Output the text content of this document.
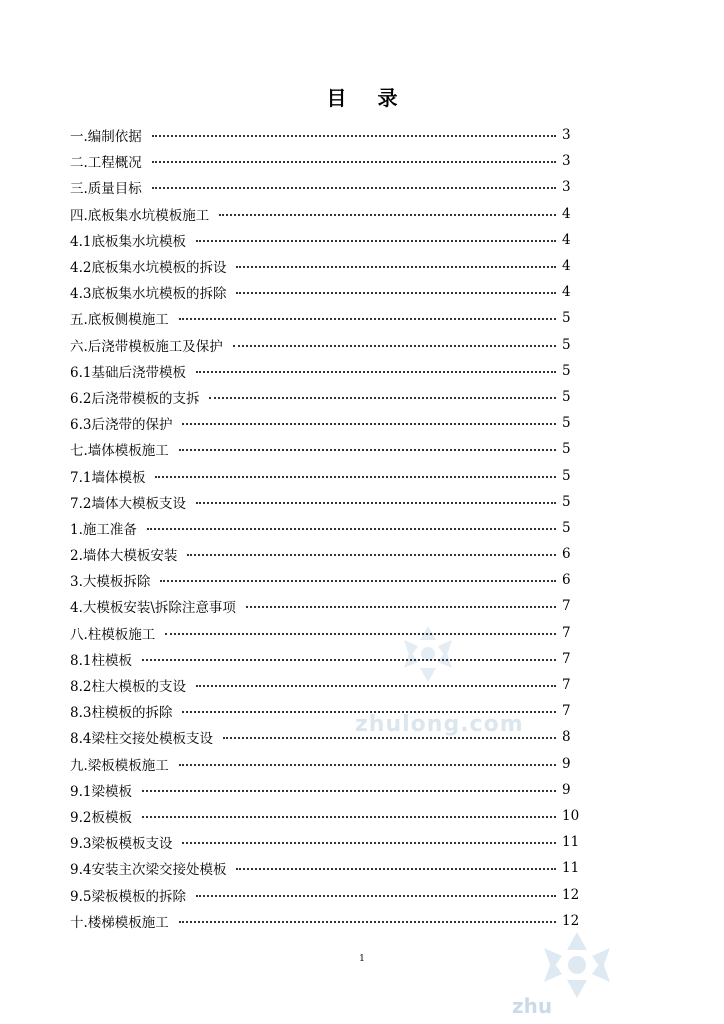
zhulong.com
zhu
目 录
一.编制依据	3
二.工程概况	3
三.质量目标	3
四.底板集水坑模板施工	4
4.1底板集水坑模板	4
4.2底板集水坑模板的拆设	4
4.3底板集水坑模板的拆除	4
五.底板侧模施工	5
六.后浇带模板施工及保护	5
6.1基础后浇带模板	5
6.2后浇带模板的支拆	5
6.3后浇带的保护	5
七.墙体模板施工	5
7.1墙体模板	5
7.2墙体大模板支设	5
1.施工准备	5
2.墙体大模板安装	6
3.大模板拆除	6
4.大模板安装\拆除注意事项	7
八.柱模板施工	7
8.1柱模板	7
8.2柱大模板的支设	7
8.3柱模板的拆除	7
8.4梁柱交接处模板支设	8
九.梁板模板施工	9
9.1梁模板	9
9.2板模板	10
9.3梁板模板支设	11
9.4安装主次梁交接处模板	11
9.5梁板模板的拆除	12
十.楼梯模板施工	12
1
